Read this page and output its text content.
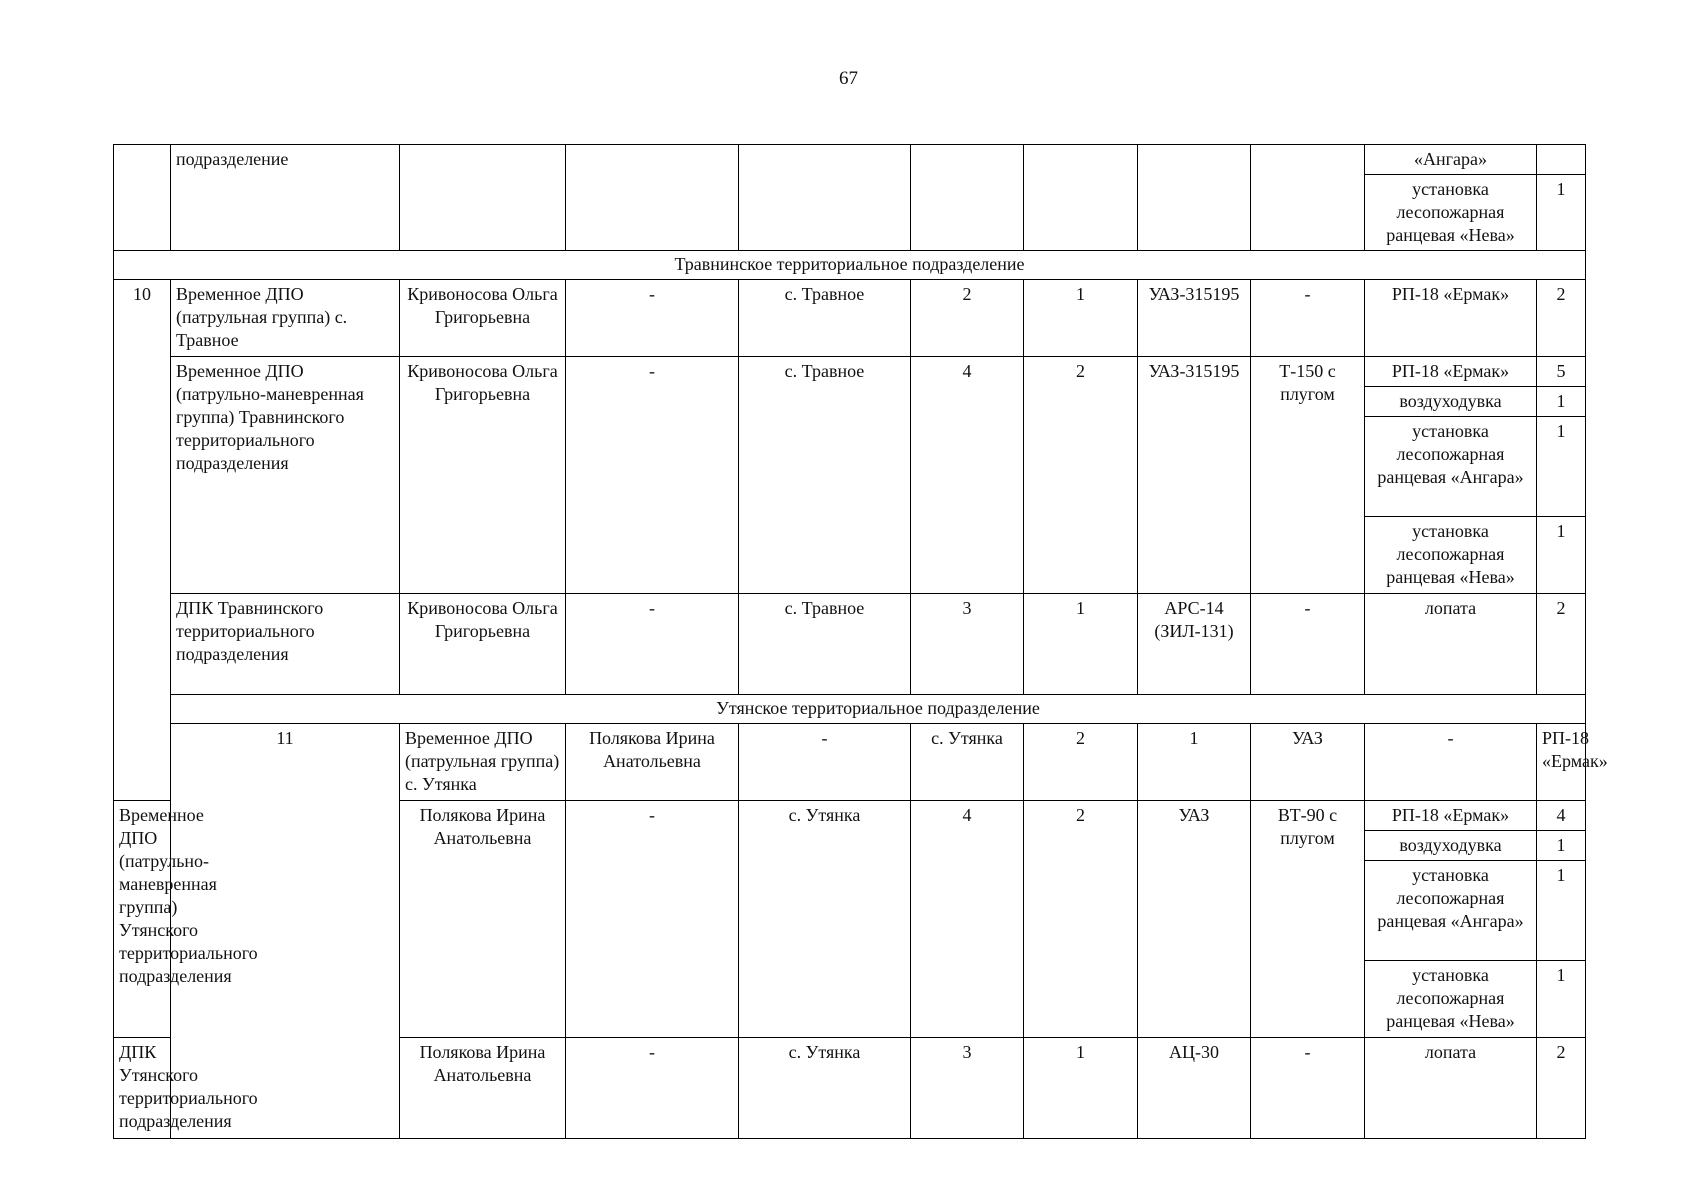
67
	подразделение								«Ангара»		
									установка лесопожарная ранцевая «Нева»	1	
Травнинское территориальное подразделение											
10	Временное ДПО (патрульная группа) с. Травное	Кривоносова Ольга Григорьевна	-	с. Травное	2	1	УАЗ-315195	-	РП-18 «Ермак»	2	
	Временное ДПО (патрульно-маневренная группа) Травнинского территориального подразделения	Кривоносова Ольга Григорьевна	-	с. Травное	4	2	УАЗ-315195	Т-150 с плугом	РП-18 «Ермак»	5	
									воздуходувка	1	
									установка лесопожарная ранцевая «Ангара»	1	
									установка лесопожарная ранцевая «Нева»	1	
	ДПК Травнинского территориального подразделения	Кривоносова Ольга Григорьевна	-	с. Травное	3	1	АРС-14 (ЗИЛ-131)	-	лопата	2	
	Утянское территориальное подразделение										
	11	Временное ДПО (патрульная группа) с. Утянка	Полякова Ирина Анатольевна	-	с. Утянка	2	1	УАЗ	-	РП-18 «Ермак»	
Временное ДПО (патрульно-маневренная группа) Утянского территориального подразделения		Полякова Ирина Анатольевна	-	с. Утянка	4	2	УАЗ	ВТ-90 с плугом	РП-18 «Ермак»	4	
									воздуходувка	1	
									установка лесопожарная ранцевая «Ангара»	1	
									установка лесопожарная ранцевая «Нева»	1	
ДПК Утянского территориального подразделения		Полякова Ирина Анатольевна	-	с. Утянка	3	1	АЦ-30	-	лопата	2	
